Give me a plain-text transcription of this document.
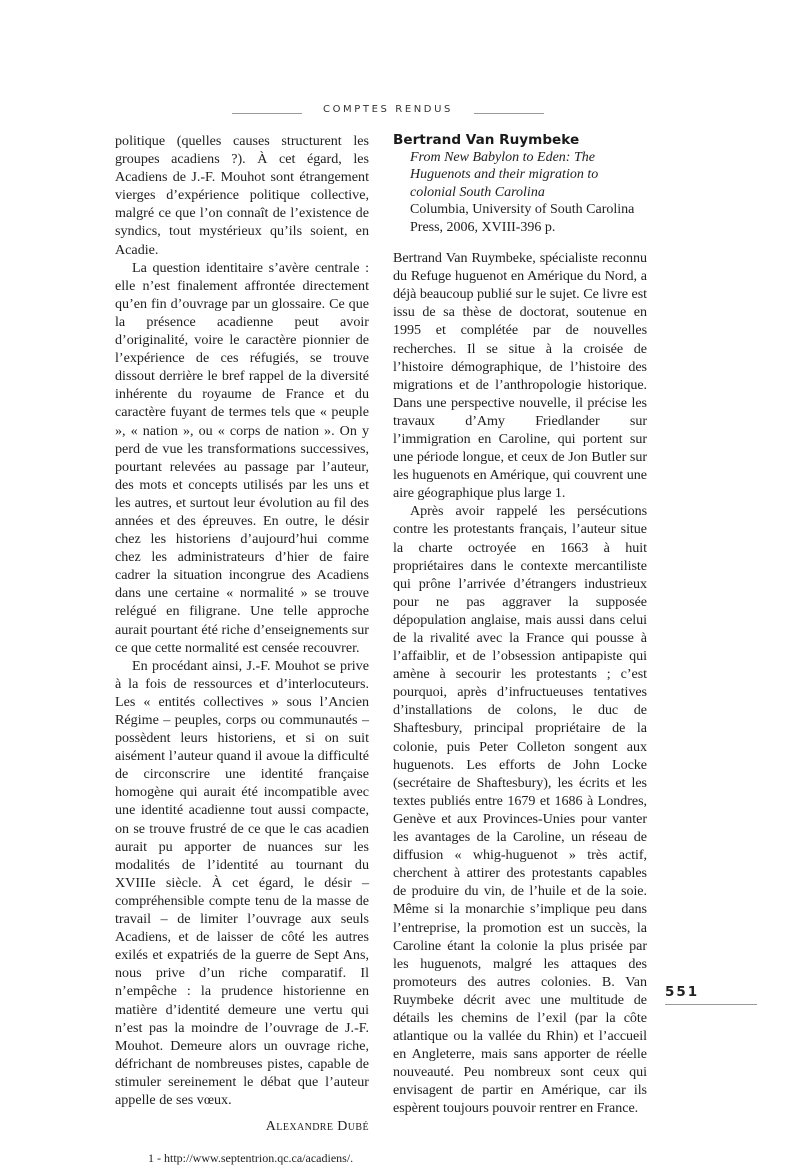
COMPTES RENDUS

politique (quelles causes structurent les groupes acadiens ?). À cet égard, les Acadiens de J.-F. Mouhot sont étrangement vierges d’expérience politique collective, malgré ce que l’on connaît de l’existence de syndics, tout mystérieux qu’ils soient, en Acadie.

La question identitaire s’avère centrale : elle n’est finalement affrontée directement qu’en fin d’ouvrage par un glossaire. Ce que la présence acadienne peut avoir d’originalité, voire le caractère pionnier de l’expérience de ces réfugiés, se trouve dissout derrière le bref rappel de la diversité inhérente du royaume de France et du caractère fuyant de termes tels que « peuple », « nation », ou « corps de nation ». On y perd de vue les transformations successives, pourtant relevées au passage par l’auteur, des mots et concepts utilisés par les uns et les autres, et surtout leur évolution au fil des années et des épreuves. En outre, le désir chez les historiens d’aujourd’hui comme chez les administrateurs d’hier de faire cadrer la situation incongrue des Acadiens dans une certaine « normalité » se trouve relégué en filigrane. Une telle approche aurait pourtant été riche d’enseignements sur ce que cette normalité est censée recouvrer.

En procédant ainsi, J.-F. Mouhot se prive à la fois de ressources et d’interlocuteurs. Les « entités collectives » sous l’Ancien Régime – peuples, corps ou communautés – possèdent leurs historiens, et si on suit aisément l’auteur quand il avoue la difficulté de circonscrire une identité française homogène qui aurait été incompatible avec une identité acadienne tout aussi compacte, on se trouve frustré de ce que le cas acadien aurait pu apporter de nuances sur les modalités de l’identité au tournant du XVIIIe siècle. À cet égard, le désir – compréhensible compte tenu de la masse de travail – de limiter l’ouvrage aux seuls Acadiens, et de laisser de côté les autres exilés et expatriés de la guerre de Sept Ans, nous prive d’un riche comparatif. Il n’empêche : la prudence historienne en matière d’identité demeure une vertu qui n’est pas la moindre de l’ouvrage de J.-F. Mouhot. Demeure alors un ouvrage riche, défrichant de nombreuses pistes, capable de stimuler sereinement le débat que l’auteur appelle de ses vœux.

Alexandre Dubé
1 - http://www.septentrion.qc.ca/acadiens/.
Bertrand Van Ruymbeke
From New Babylon to Eden: The Huguenots and their migration to colonial South Carolina
Columbia, University of South Carolina Press, 2006, XVIII-396 p.

Bertrand Van Ruymbeke, spécialiste reconnu du Refuge huguenot en Amérique du Nord, a déjà beaucoup publié sur le sujet. Ce livre est issu de sa thèse de doctorat, soutenue en 1995 et complétée par de nouvelles recherches. Il se situe à la croisée de l’histoire démographique, de l’histoire des migrations et de l’anthropologie historique. Dans une perspective nouvelle, il précise les travaux d’Amy Friedlander sur l’immigration en Caroline, qui portent sur une période longue, et ceux de Jon Butler sur les huguenots en Amérique, qui couvrent une aire géographique plus large 1.

Après avoir rappelé les persécutions contre les protestants français, l’auteur situe la charte octroyée en 1663 à huit propriétaires dans le contexte mercantiliste qui prône l’arrivée d’étrangers industrieux pour ne pas aggraver la supposée dépopulation anglaise, mais aussi dans celui de la rivalité avec la France qui pousse à l’affaiblir, et de l’obsession antipapiste qui amène à secourir les protestants ; c’est pourquoi, après d’infructueuses tentatives d’installations de colons, le duc de Shaftesbury, principal propriétaire de la colonie, puis Peter Colleton songent aux huguenots. Les efforts de John Locke (secrétaire de Shaftesbury), les écrits et les textes publiés entre 1679 et 1686 à Londres, Genève et aux Provinces-Unies pour vanter les avantages de la Caroline, un réseau de diffusion « whig-huguenot » très actif, cherchent à attirer des protestants capables de produire du vin, de l’huile et de la soie. Même si la monarchie s’implique peu dans l’entreprise, la promotion est un succès, la Caroline étant la colonie la plus prisée par les huguenots, malgré les attaques des promoteurs des autres colonies. B. Van Ruymbeke décrit avec une multitude de détails les chemins de l’exil (par la côte atlantique ou la vallée du Rhin) et l’accueil en Angleterre, mais sans apporter de réelle nouveauté. Peu nombreux sont ceux qui envisagent de partir en Amérique, car ils espèrent toujours pouvoir rentrer en France.

551
